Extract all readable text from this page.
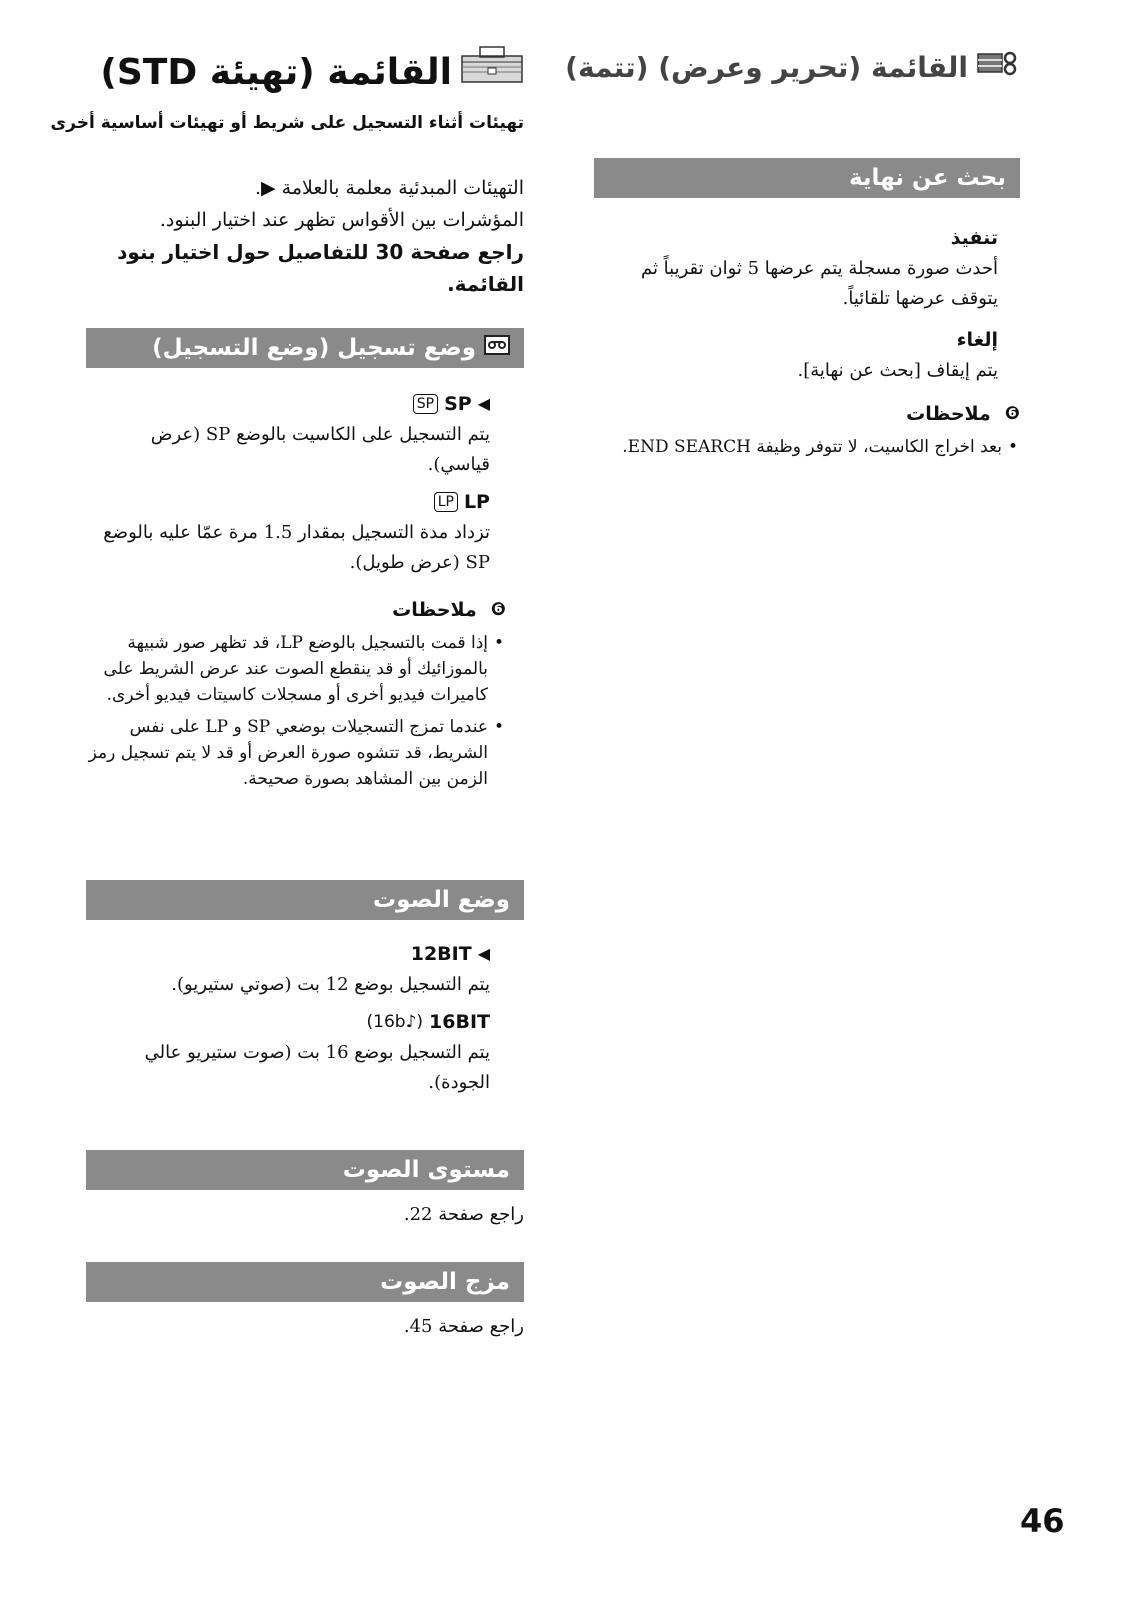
القائمة (تهيئة STD)
تهيئات أثناء التسجيل على شريط أو تهيئات أساسية أخرى
التهيئات المبدئية معلمة بالعلامة ▶.
المؤشرات بين الأقواس تظهر عند اختيار البنود.
راجع صفحة 30 للتفاصيل حول اختيار بنود القائمة.
وضع تسجيل (وضع التسجيل)
◀
SP
SP
يتم التسجيل على الكاسيت بالوضع SP (عرض قياسي).
LP
LP
تزداد مدة التسجيل بمقدار 1.5 مرة عمّا عليه بالوضع SP (عرض طويل).
❻
ملاحظات
• إذا قمت بالتسجيل بالوضع LP، قد تظهر صور شبيهة بالموزائيك أو قد ينقطع الصوت عند عرض الشريط على كاميرات فيديو أخرى أو مسجلات كاسيتات فيديو أخرى.
• عندما تمزج التسجيلات بوضعي SP و LP على نفس الشريط، قد تتشوه صورة العرض أو قد لا يتم تسجيل رمز الزمن بين المشاهد بصورة صحيحة.
وضع الصوت
◀
12BIT
يتم التسجيل بوضع 12 بت (صوتي ستيريو).
16BIT
(♪16b)
يتم التسجيل بوضع 16 بت (صوت ستيريو عالي الجودة).
مستوى الصوت
راجع صفحة 22.
مزج الصوت
راجع صفحة 45.
القائمة (تحرير وعرض) (تتمة)
بحث عن نهاية
تنفيذ
أحدث صورة مسجلة يتم عرضها 5 ثوان تقريباً ثم يتوقف عرضها تلقائياً.
إلغاء
يتم إيقاف [بحث عن نهاية].
❻
ملاحظات
• بعد اخراج الكاسيت، لا تتوفر وظيفة END SEARCH.
46
